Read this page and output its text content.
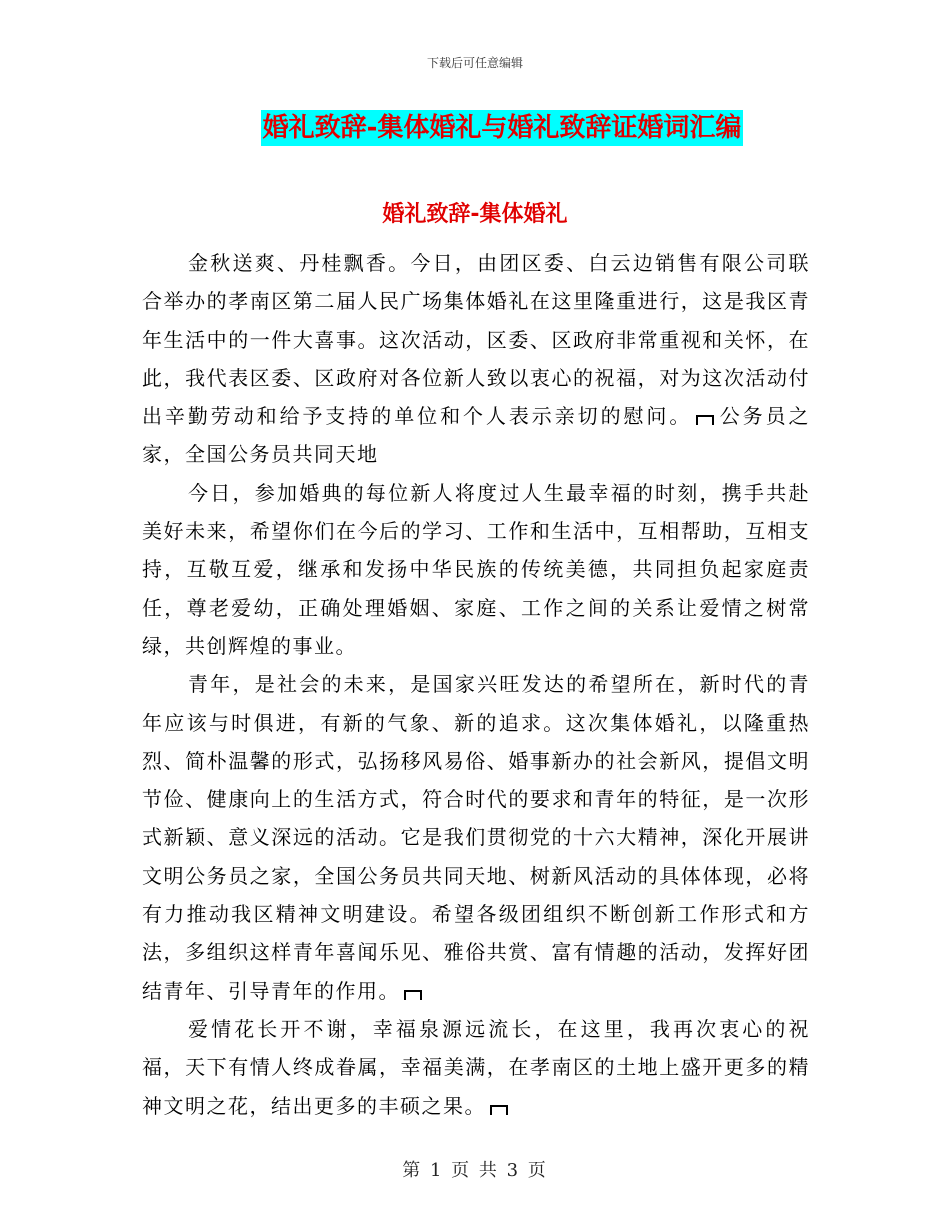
下载后可任意编辑
婚礼致辞-集体婚礼与婚礼致辞证婚词汇编
婚礼致辞-集体婚礼

金秋送爽、丹桂飘香。今日，由团区委、白云边销售有限公司联合举办的孝南区第二届人民广场集体婚礼在这里隆重进行，这是我区青年生活中的一件大喜事。这次活动，区委、区政府非常重视和关怀，在此，我代表区委、区政府对各位新人致以衷心的祝福，对为这次活动付出辛勤劳动和给予支持的单位和个人表示亲切的慰问。 公务员之家，全国公务员共同天地

今日，参加婚典的每位新人将度过人生最幸福的时刻，携手共赴美好未来，希望你们在今后的学习、工作和生活中，互相帮助，互相支持，互敬互爱，继承和发扬中华民族的传统美德，共同担负起家庭责任，尊老爱幼，正确处理婚姻、家庭、工作之间的关系让爱情之树常绿，共创辉煌的事业。

青年，是社会的未来，是国家兴旺发达的希望所在，新时代的青年应该与时俱进，有新的气象、新的追求。这次集体婚礼，以隆重热烈、简朴温馨的形式，弘扬移风易俗、婚事新办的社会新风，提倡文明节俭、健康向上的生活方式，符合时代的要求和青年的特征，是一次形式新颖、意义深远的活动。它是我们贯彻党的十六大精神，深化开展讲文明公务员之家，全国公务员共同天地、树新风活动的具体体现，必将有力推动我区精神文明建设。希望各级团组织不断创新工作形式和方法，多组织这样青年喜闻乐见、雅俗共赏、富有情趣的活动，发挥好团结青年、引导青年的作用。

爱情花长开不谢，幸福泉源远流长，在这里，我再次衷心的祝福，天下有情人终成眷属，幸福美满，在孝南区的土地上盛开更多的精神文明之花，结出更多的丰硕之果。

第 1 页 共 3 页
